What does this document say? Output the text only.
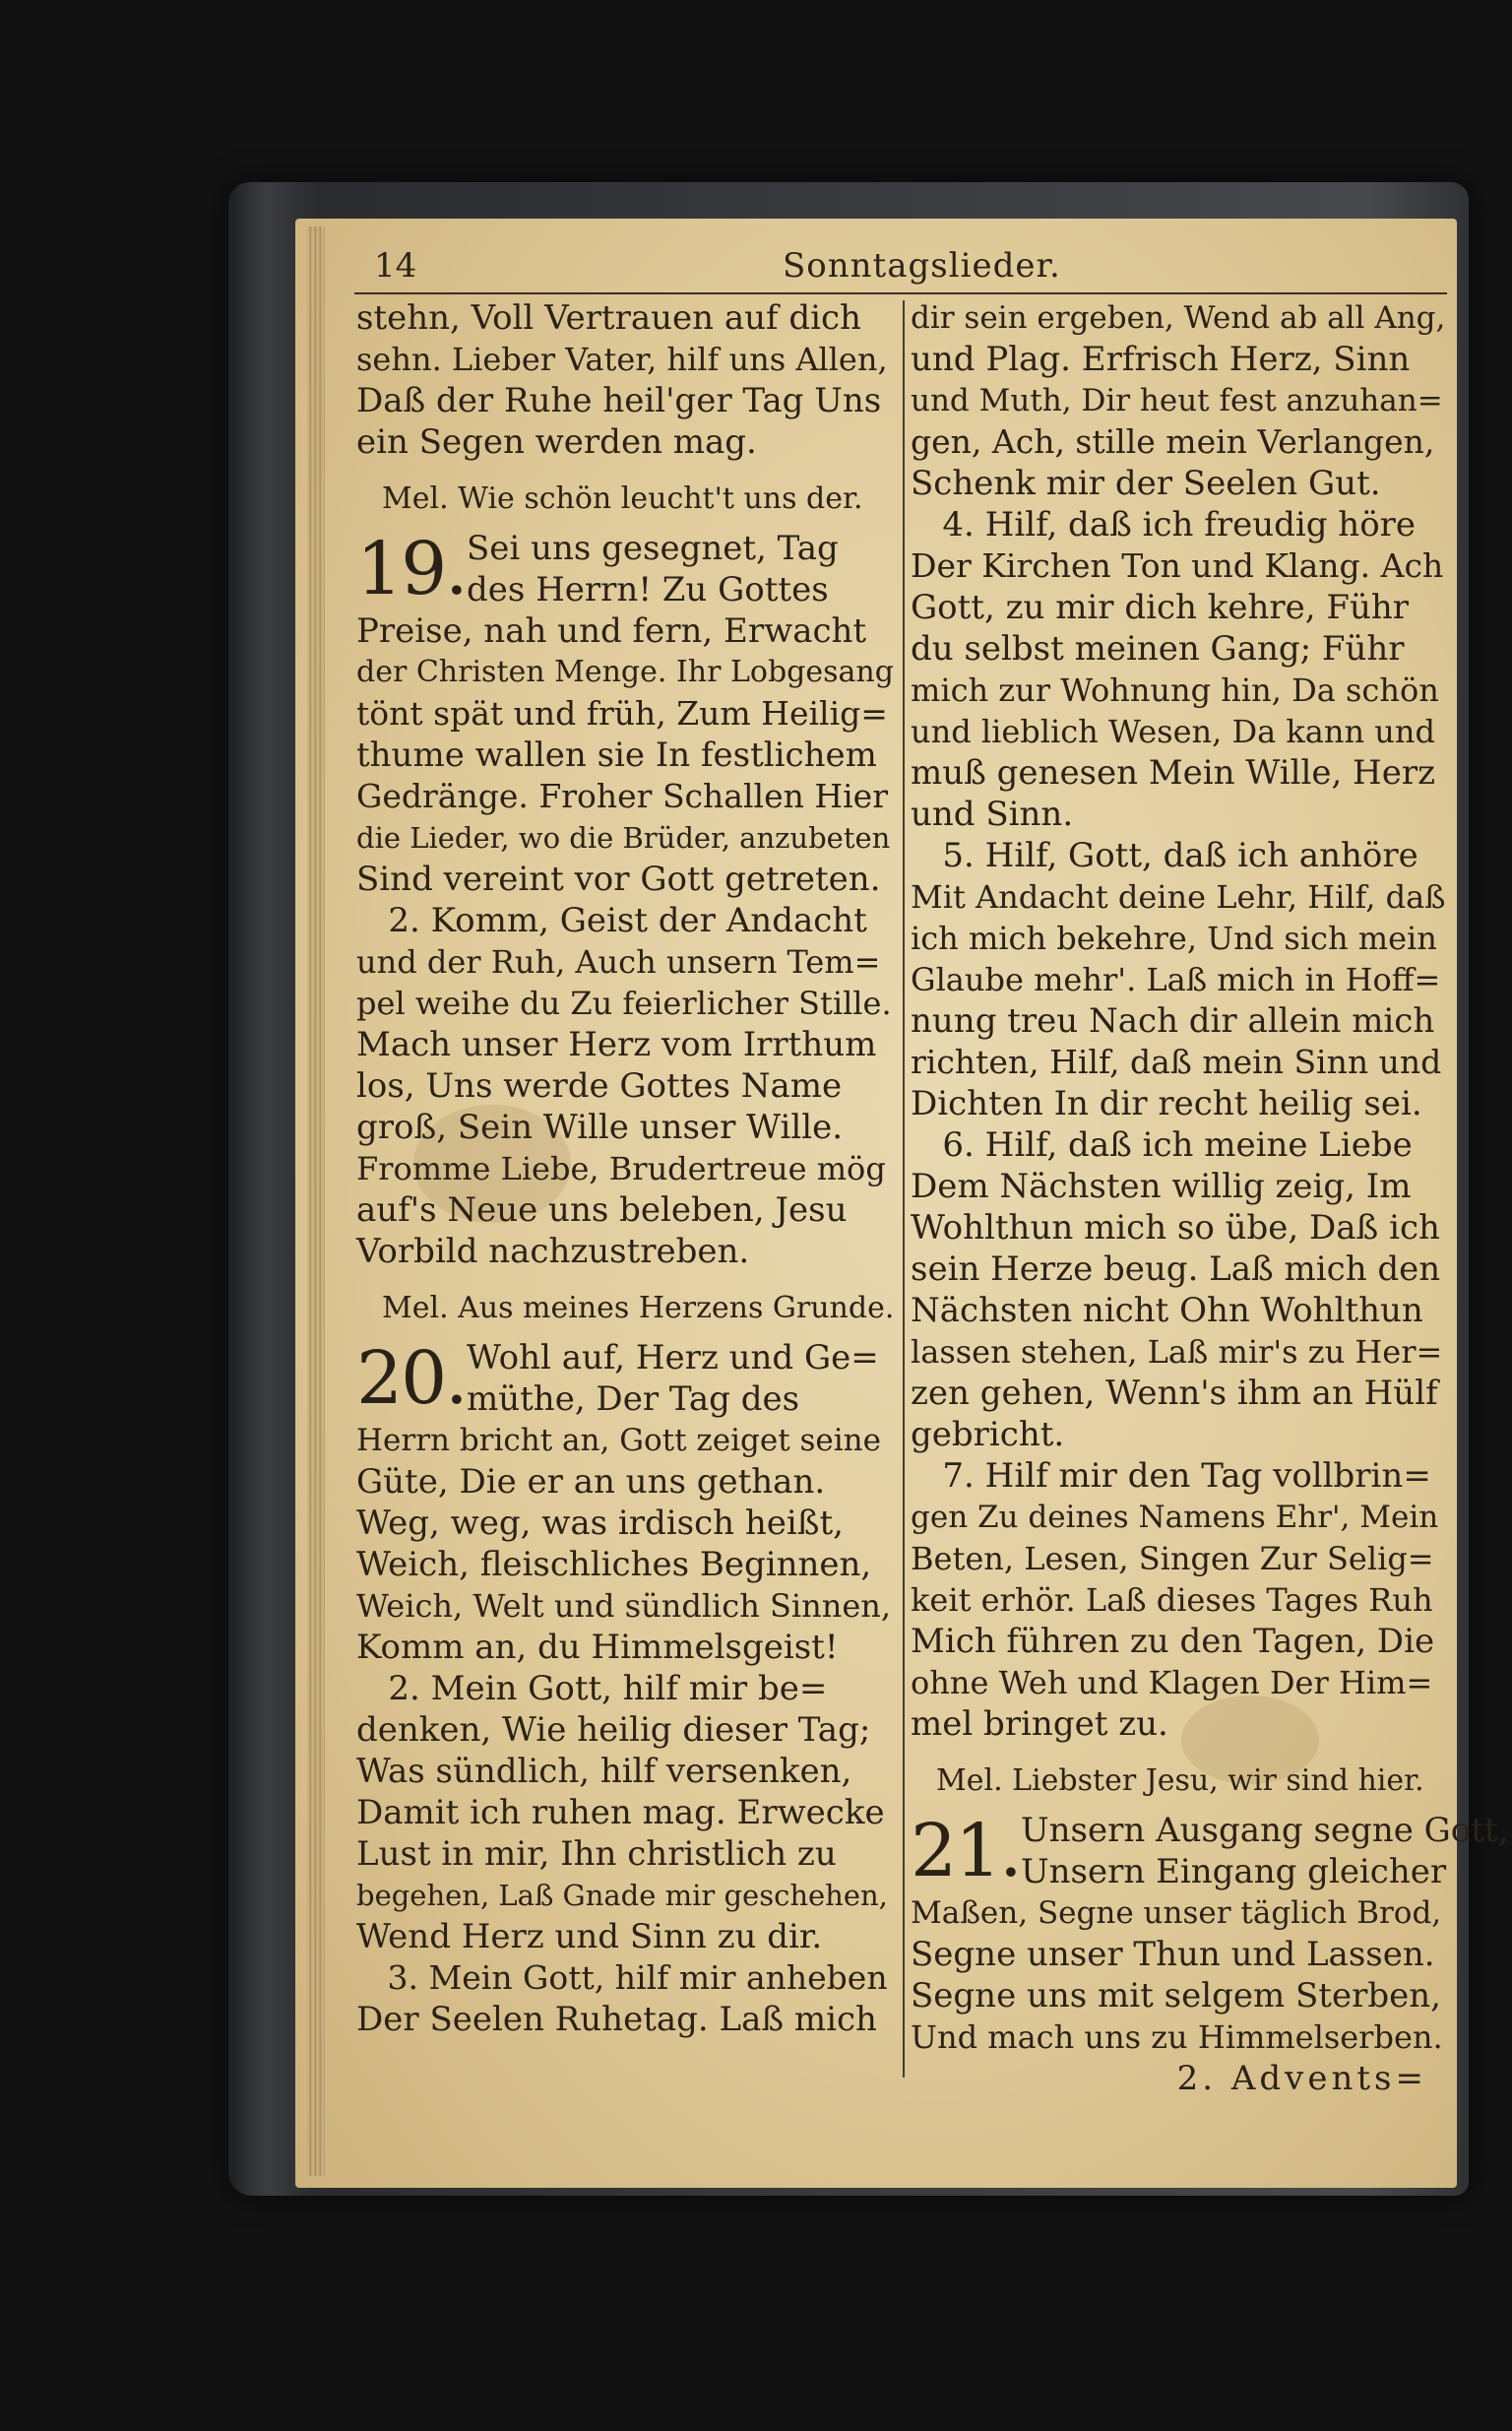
14	Sonntagslieder.
stehn, Voll Vertrauen auf dich
sehn. Lieber Vater, hilf uns Allen,
Daß der Ruhe heil'ger Tag Uns
ein Segen werden mag.
Mel. Wie schön leucht't uns der.
19. Sei uns gesegnet, Tag
des Herrn! Zu Gottes
Preise, nah und fern, Erwacht
der Christen Menge. Ihr Lobgesang
tönt spät und früh, Zum Heilig=
thume wallen sie In festlichem
Gedränge. Froher Schallen Hier
die Lieder, wo die Brüder, anzubeten
Sind vereint vor Gott getreten.
2. Komm, Geist der Andacht
und der Ruh, Auch unsern Tem=
pel weihe du Zu feierlicher Stille.
Mach unser Herz vom Irrthum
los, Uns werde Gottes Name
groß, Sein Wille unser Wille.
Fromme Liebe, Brudertreue mög
auf's Neue uns beleben, Jesu
Vorbild nachzustreben.
Mel. Aus meines Herzens Grunde.
20. Wohl auf, Herz und Ge=
müthe, Der Tag des
Herrn bricht an, Gott zeiget seine
Güte, Die er an uns gethan.
Weg, weg, was irdisch heißt,
Weich, fleischliches Beginnen,
Weich, Welt und sündlich Sinnen,
Komm an, du Himmelsgeist!
2. Mein Gott, hilf mir be=
denken, Wie heilig dieser Tag;
Was sündlich, hilf versenken,
Damit ich ruhen mag. Erwecke
Lust in mir, Ihn christlich zu
begehen, Laß Gnade mir geschehen,
Wend Herz und Sinn zu dir.
3. Mein Gott, hilf mir anheben
Der Seelen Ruhetag. Laß mich
dir sein ergeben, Wend ab all Ang,
und Plag. Erfrisch Herz, Sinn
und Muth, Dir heut fest anzuhan=
gen, Ach, stille mein Verlangen,
Schenk mir der Seelen Gut.
4. Hilf, daß ich freudig höre
Der Kirchen Ton und Klang. Ach
Gott, zu mir dich kehre, Führ
du selbst meinen Gang; Führ
mich zur Wohnung hin, Da schön
und lieblich Wesen, Da kann und
muß genesen Mein Wille, Herz
und Sinn.
5. Hilf, Gott, daß ich anhöre
Mit Andacht deine Lehr, Hilf, daß
ich mich bekehre, Und sich mein
Glaube mehr'. Laß mich in Hoff=
nung treu Nach dir allein mich
richten, Hilf, daß mein Sinn und
Dichten In dir recht heilig sei.
6. Hilf, daß ich meine Liebe
Dem Nächsten willig zeig, Im
Wohlthun mich so übe, Daß ich
sein Herze beug. Laß mich den
Nächsten nicht Ohn Wohlthun
lassen stehen, Laß mir's zu Her=
zen gehen, Wenn's ihm an Hülf
gebricht.
7. Hilf mir den Tag vollbrin=
gen Zu deines Namens Ehr', Mein
Beten, Lesen, Singen Zur Selig=
keit erhör. Laß dieses Tages Ruh
Mich führen zu den Tagen, Die
ohne Weh und Klagen Der Him=
mel bringet zu.
Mel. Liebster Jesu, wir sind hier.
21. Unsern Ausgang segne Gott,
Unsern Eingang gleicher
Maßen, Segne unser täglich Brod,
Segne unser Thun und Lassen.
Segne uns mit selgem Sterben,
Und mach uns zu Himmelserben.
2. Advents=
